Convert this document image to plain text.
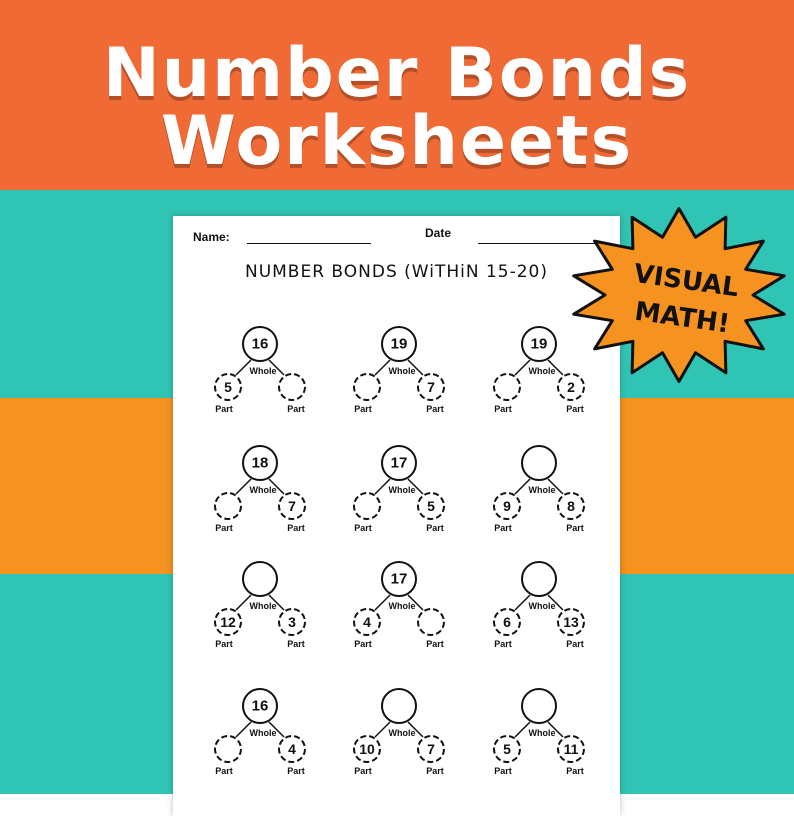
Number Bonds
Worksheets
Name:	Date
NUMBER BONDS (WiTHiN 15-20)
16
5
Whole
Part	Part
19
7
Whole
Part	Part
19
2
Whole
Part	Part
18
7
Whole
Part	Part
17
5
Whole
Part	Part
9	8
Whole
Part	Part
12	3
Whole
Part	Part
17
4
Whole
Part	Part
6	13
Whole
Part	Part
16
4
Whole
Part	Part
10	7
Whole
Part	Part
5	11
Whole
Part	Part
VISUAL
MATH!
